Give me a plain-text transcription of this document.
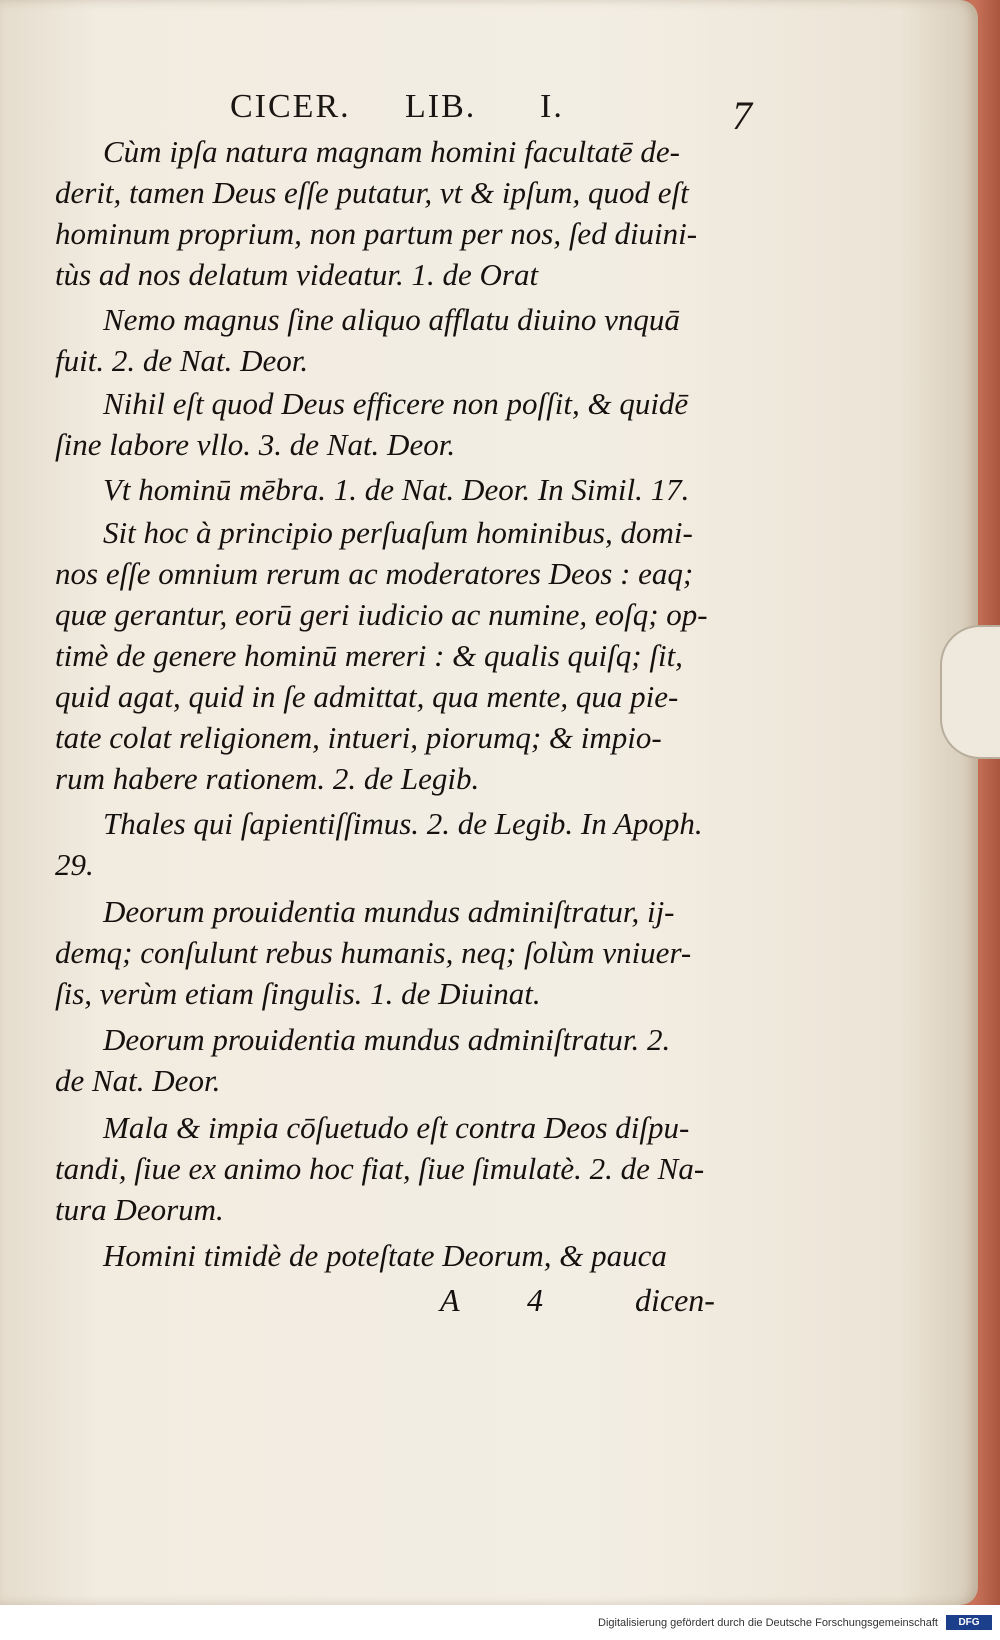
CICER. LIB. I.	7
Cùm ipſa natura magnam homini facultatē de-
derit, tamen Deus eſſe putatur, vt & ipſum, quod eſt
hominum proprium, non partum per nos, ſed diuini-
tùs ad nos delatum videatur. 1. de Orat
Nemo magnus ſine aliquo afflatu diuino vnquā
fuit. 2. de Nat. Deor.
Nihil eſt quod Deus efficere non poſſit, & quidē
ſine labore vllo. 3. de Nat. Deor.
Vt hominū mēbra. 1. de Nat. Deor. In Simil. 17.
Sit hoc à principio perſuaſum hominibus, domi-
nos eſſe omnium rerum ac moderatores Deos : eaq;
quæ gerantur, eorū geri iudicio ac numine, eoſq; op-
timè de genere hominū mereri : & qualis quiſq; ſit,
quid agat, quid in ſe admittat, qua mente, qua pie-
tate colat religionem, intueri, piorumq; & impio-
rum habere rationem. 2. de Legib.
Thales qui ſapientiſſimus. 2. de Legib. In Apoph.
29.
Deorum prouidentia mundus adminiſtratur, ij-
demq; conſulunt rebus humanis, neq; ſolùm vniuer-
ſis, verùm etiam ſingulis. 1. de Diuinat.
Deorum prouidentia mundus adminiſtratur. 2.
de Nat. Deor.
Mala & impia cōſuetudo eſt contra Deos diſpu-
tandi, ſiue ex animo hoc fiat, ſiue ſimulatè. 2. de Na-
tura Deorum.
Homini timidè de poteſtate Deorum, & pauca
A 4 dicen-
Digitalisierung gefördert durch die Deutsche Forschungsgemeinschaft	DFG
